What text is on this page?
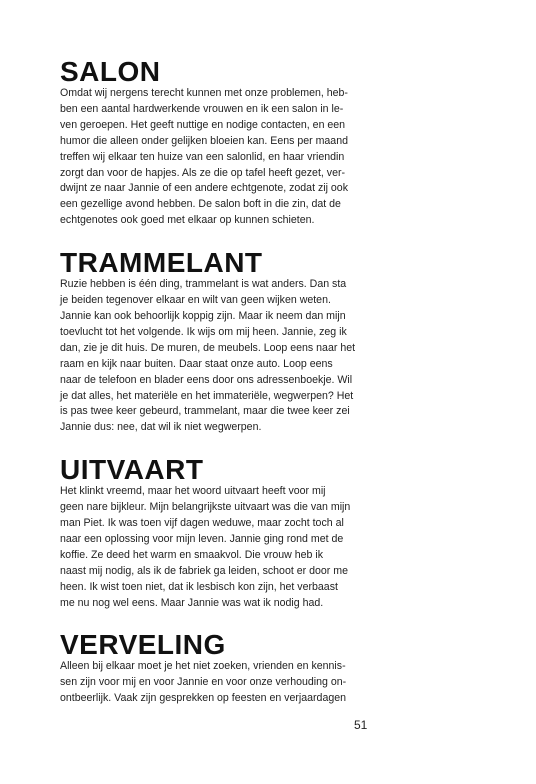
SALON
Omdat wij nergens terecht kunnen met onze problemen, heb-
ben een aantal hardwerkende vrouwen en ik een salon in le-
ven geroepen. Het geeft nuttige en nodige contacten, en een
humor die alleen onder gelijken bloeien kan. Eens per maand
treffen wij elkaar ten huize van een salonlid, en haar vriendin
zorgt dan voor de hapjes. Als ze die op tafel heeft gezet, ver-
dwijnt ze naar Jannie of een andere echtgenote, zodat zij ook
een gezellige avond hebben. De salon boft in die zin, dat de
echtgenotes ook goed met elkaar op kunnen schieten.
TRAMMELANT
Ruzie hebben is één ding, trammelant is wat anders. Dan sta
je beiden tegenover elkaar en wilt van geen wijken weten.
Jannie kan ook behoorlijk koppig zijn. Maar ik neem dan mijn
toevlucht tot het volgende. Ik wijs om mij heen. Jannie, zeg ik
dan, zie je dit huis. De muren, de meubels. Loop eens naar het
raam en kijk naar buiten. Daar staat onze auto. Loop eens
naar de telefoon en blader eens door ons adressenboekje. Wil
je dat alles, het materiële en het immateriële, wegwerpen? Het
is pas twee keer gebeurd, trammelant, maar die twee keer zei
Jannie dus: nee, dat wil ik niet wegwerpen.
UITVAART
Het klinkt vreemd, maar het woord uitvaart heeft voor mij
geen nare bijkleur. Mijn belangrijkste uitvaart was die van mijn
man Piet. Ik was toen vijf dagen weduwe, maar zocht toch al
naar een oplossing voor mijn leven. Jannie ging rond met de
koffie. Ze deed het warm en smaakvol. Die vrouw heb ik
naast mij nodig, als ik de fabriek ga leiden, schoot er door me
heen. Ik wist toen niet, dat ik lesbisch kon zijn, het verbaast
me nu nog wel eens. Maar Jannie was wat ik nodig had.
VERVELING
Alleen bij elkaar moet je het niet zoeken, vrienden en kennis-
sen zijn voor mij en voor Jannie en voor onze verhouding on-
ontbeerlijk. Vaak zijn gesprekken op feesten en verjaardagen
51
